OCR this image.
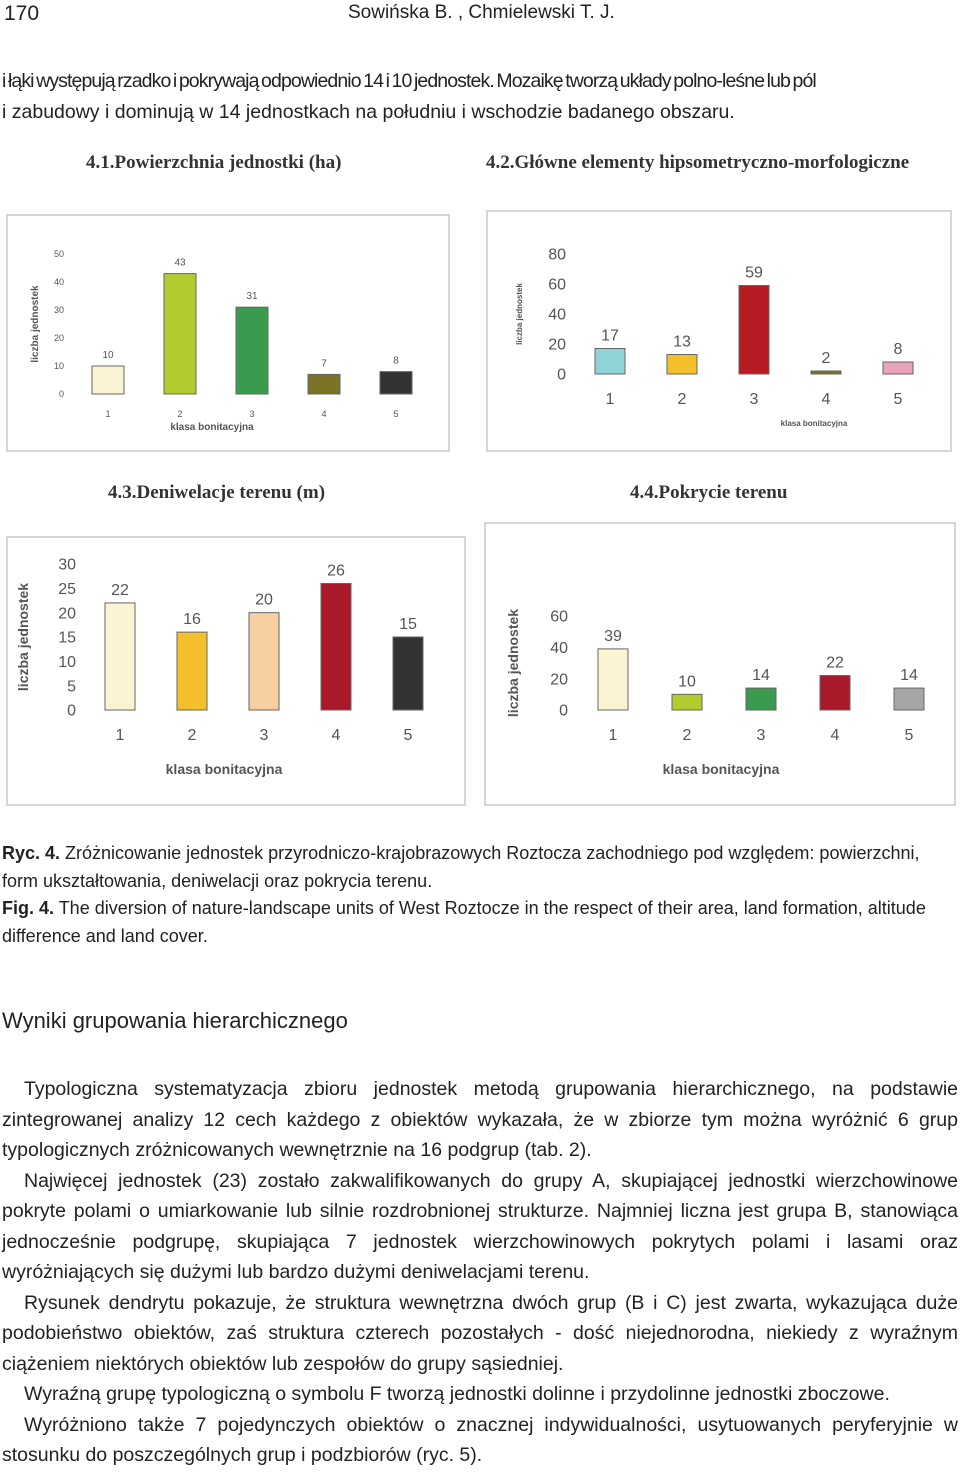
170	Sowińska B. , Chmielewski T. J.

i łąki występują rzadko i pokrywają odpowiednio 14 i 10 jednostek. Mozaikę tworzą układy polno-leśne lub pól

i zabudowy i dominują w 14 jednostkach na południu i wschodzie badanego obszaru.

4.1.Powierzchnia jednostki (ha)	4.2.Główne elementy hipsometryczno-morfologiczne
4.3.Deniwelacje terenu (m)	4.4.Pokrycie terenu
0
10
20
30
40
50
10
1
43
2
31
3
7
4
8
5
klasa bonitacyjna
liczba jednostek
0
20
40
60
80
17
1
13
2
59
3
2
4
8
5
klasa bonitacyjna
liczba jednostek
0
5
10
15
20
25
30
22
1
16
2
20
3
26
4
15
5
klasa bonitacyjna
liczba jednostek
0
20
40
60
39
1
10
2
14
3
22
4
14
5
klasa bonitacyjna
liczba jednostek

Ryc. 4. Zróżnicowanie jednostek przyrodniczo-krajobrazowych Roztocza zachodniego pod względem: powierzchni,

form ukształtowania, deniwelacji oraz pokrycia terenu.

Fig. 4. The diversion of nature-landscape units of West Roztocze in the respect of their area, land formation, altitude

difference and land cover.

Wyniki grupowania hierarchicznego

Typologiczna systematyzacja zbioru jednostek metodą grupowania hierarchicznego, na podstawie zintegrowanej analizy 12 cech każdego z obiektów wykazała, że w zbiorze tym można wyróżnić 6 grup typologicznych zróżnicowanych wewnętrznie na 16 podgrup (tab. 2).

Najwięcej jednostek (23) zostało zakwalifikowanych do grupy A, skupiającej jednostki wierzchowinowe pokryte polami o umiarkowanie lub silnie rozdrobnionej strukturze. Najmniej liczna jest grupa B, stanowiąca jednocześnie podgrupę, skupiająca 7 jednostek wierzchowinowych pokrytych polami i lasami oraz wyróżniających się dużymi lub bardzo dużymi deniwelacjami terenu.

Rysunek dendrytu pokazuje, że struktura wewnętrzna dwóch grup (B i C) jest zwarta, wykazująca duże podobieństwo obiektów, zaś struktura czterech pozostałych - dość niejednorodna, niekiedy z wyraźnym ciążeniem niektórych obiektów lub zespołów do grupy sąsiedniej.

Wyraźną grupę typologiczną o symbolu F tworzą jednostki dolinne i przydolinne jednostki zboczowe.

Wyróżniono także 7 pojedynczych obiektów o znacznej indywidualności, usytuowanych peryferyjnie w stosunku do poszczególnych grup i podzbiorów (ryc. 5).
